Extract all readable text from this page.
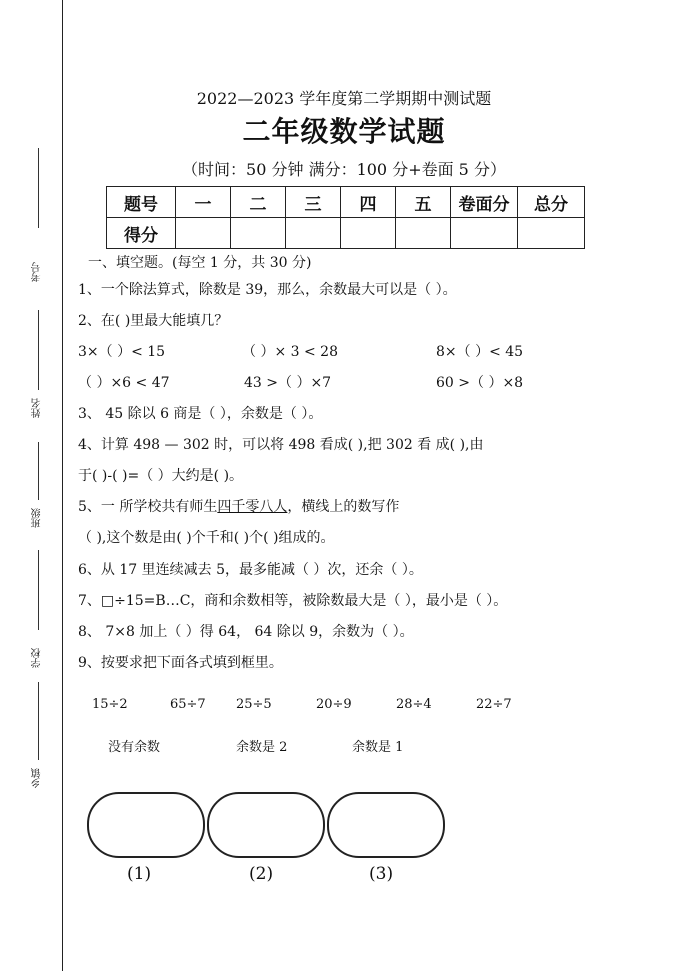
考号
姓名
班级
学校
乡镇
2022—2023 学年度第二学期期中测试题
二年级数学试题
（时间：50 分钟 满分：100 分+卷面 5 分）
题号	一	二	三	四	五	卷面分	总分
得分							
一、填空题。(每空 1 分，共 30 分)
1、一个除法算式，除数是 39，那么，余数最大可以是（ ）。
2、在( )里最大能填几？
3×（ ）< 15	（ ）× 3 < 28	8×（ ）< 45
（ ）×6 < 47	43 >（ ）×7	60 >（ ）×8
3、 45 除以 6 商是（ ），余数是（ ）。
4、计算 498 — 302 时，可以将 498 看成( ),把 302 看 成( ),由
于( )-( )=（ ）大约是( )。
5、一 所学校共有师生四千零八人，横线上的数写作
（ ),这个数是由( )个千和( )个( )组成的。
6、从 17 里连续减去 5，最多能减（ ）次，还余（ ）。
7、□÷15=B…C，商和余数相等，被除数最大是（ ），最小是（ ）。
8、 7×8 加上（ ）得 64， 64 除以 9，余数为（ ）。
9、按要求把下面各式填到框里。
15÷2	65÷7 25÷5	20÷9	28÷4	22÷7
没有余数	余数是 2	余数是 1
(1)	(2)	(3)
